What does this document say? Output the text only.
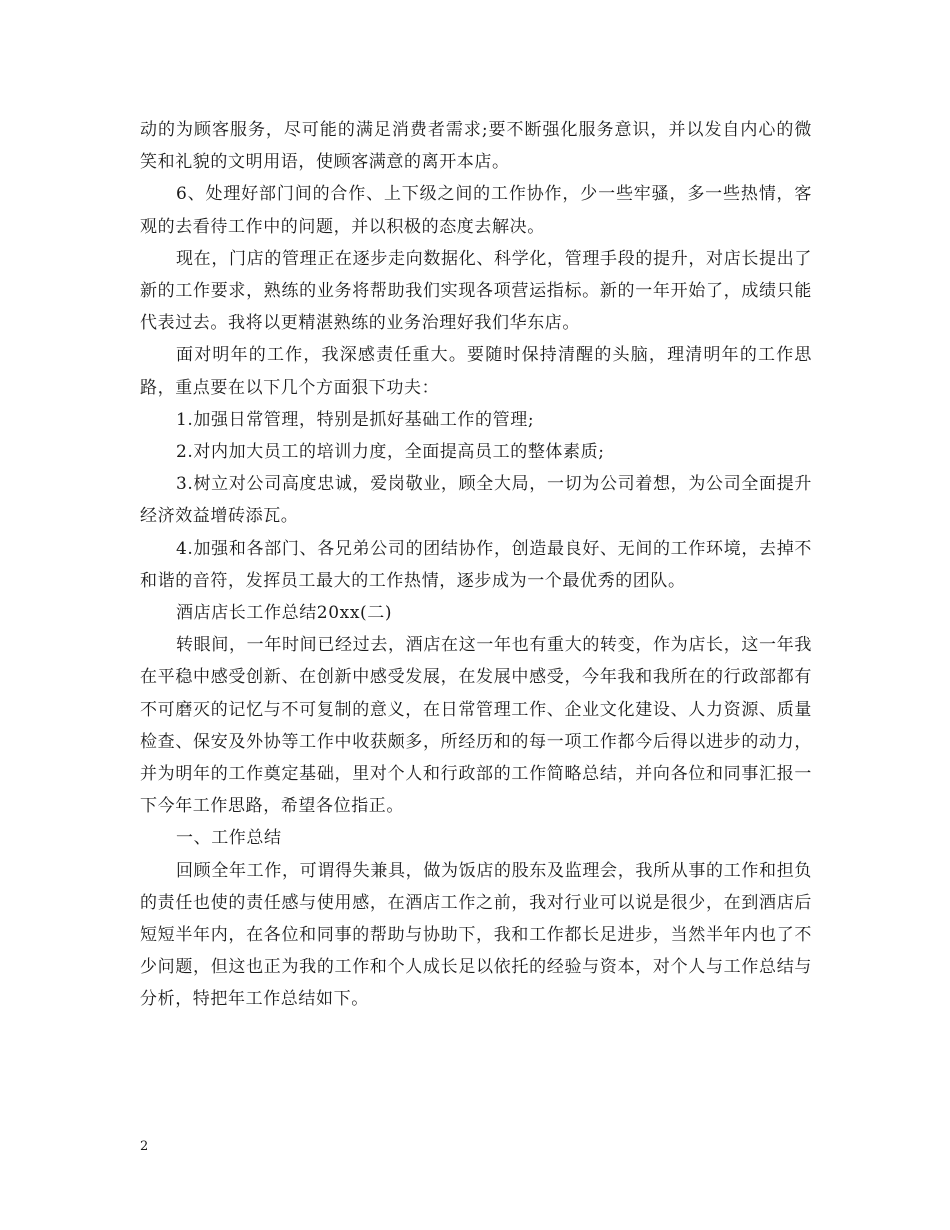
动的为顾客服务，尽可能的满足消费者需求;要不断强化服务意识，并以发自内心的微笑和礼貌的文明用语，使顾客满意的离开本店。

6、处理好部门间的合作、上下级之间的工作协作，少一些牢骚，多一些热情，客观的去看待工作中的问题，并以积极的态度去解决。

现在，门店的管理正在逐步走向数据化、科学化，管理手段的提升，对店长提出了新的工作要求，熟练的业务将帮助我们实现各项营运指标。新的一年开始了，成绩只能代表过去。我将以更精湛熟练的业务治理好我们华东店。

面对明年的工作，我深感责任重大。要随时保持清醒的头脑，理清明年的工作思路，重点要在以下几个方面狠下功夫：

1.加强日常管理，特别是抓好基础工作的管理;

2.对内加大员工的培训力度，全面提高员工的整体素质;

3.树立对公司高度忠诚，爱岗敬业，顾全大局，一切为公司着想，为公司全面提升经济效益增砖添瓦。

4.加强和各部门、各兄弟公司的团结协作，创造最良好、无间的工作环境，去掉不和谐的音符，发挥员工最大的工作热情，逐步成为一个最优秀的团队。

酒店店长工作总结20xx(二)

转眼间，一年时间已经过去，酒店在这一年也有重大的转变，作为店长，这一年我在平稳中感受创新、在创新中感受发展，在发展中感受，今年我和我所在的行政部都有不可磨灭的记忆与不可复制的意义，在日常管理工作、企业文化建设、人力资源、质量检查、保安及外协等工作中收获颇多，所经历和的每一项工作都今后得以进步的动力，并为明年的工作奠定基础，里对个人和行政部的工作简略总结，并向各位和同事汇报一下今年工作思路，希望各位指正。

一、工作总结

回顾全年工作，可谓得失兼具，做为饭店的股东及监理会，我所从事的工作和担负的责任也使的责任感与使用感，在酒店工作之前，我对行业可以说是很少，在到酒店后短短半年内，在各位和同事的帮助与协助下，我和工作都长足进步，当然半年内也了不少问题，但这也正为我的工作和个人成长足以依托的经验与资本，对个人与工作总结与分析，特把年工作总结如下。

2
